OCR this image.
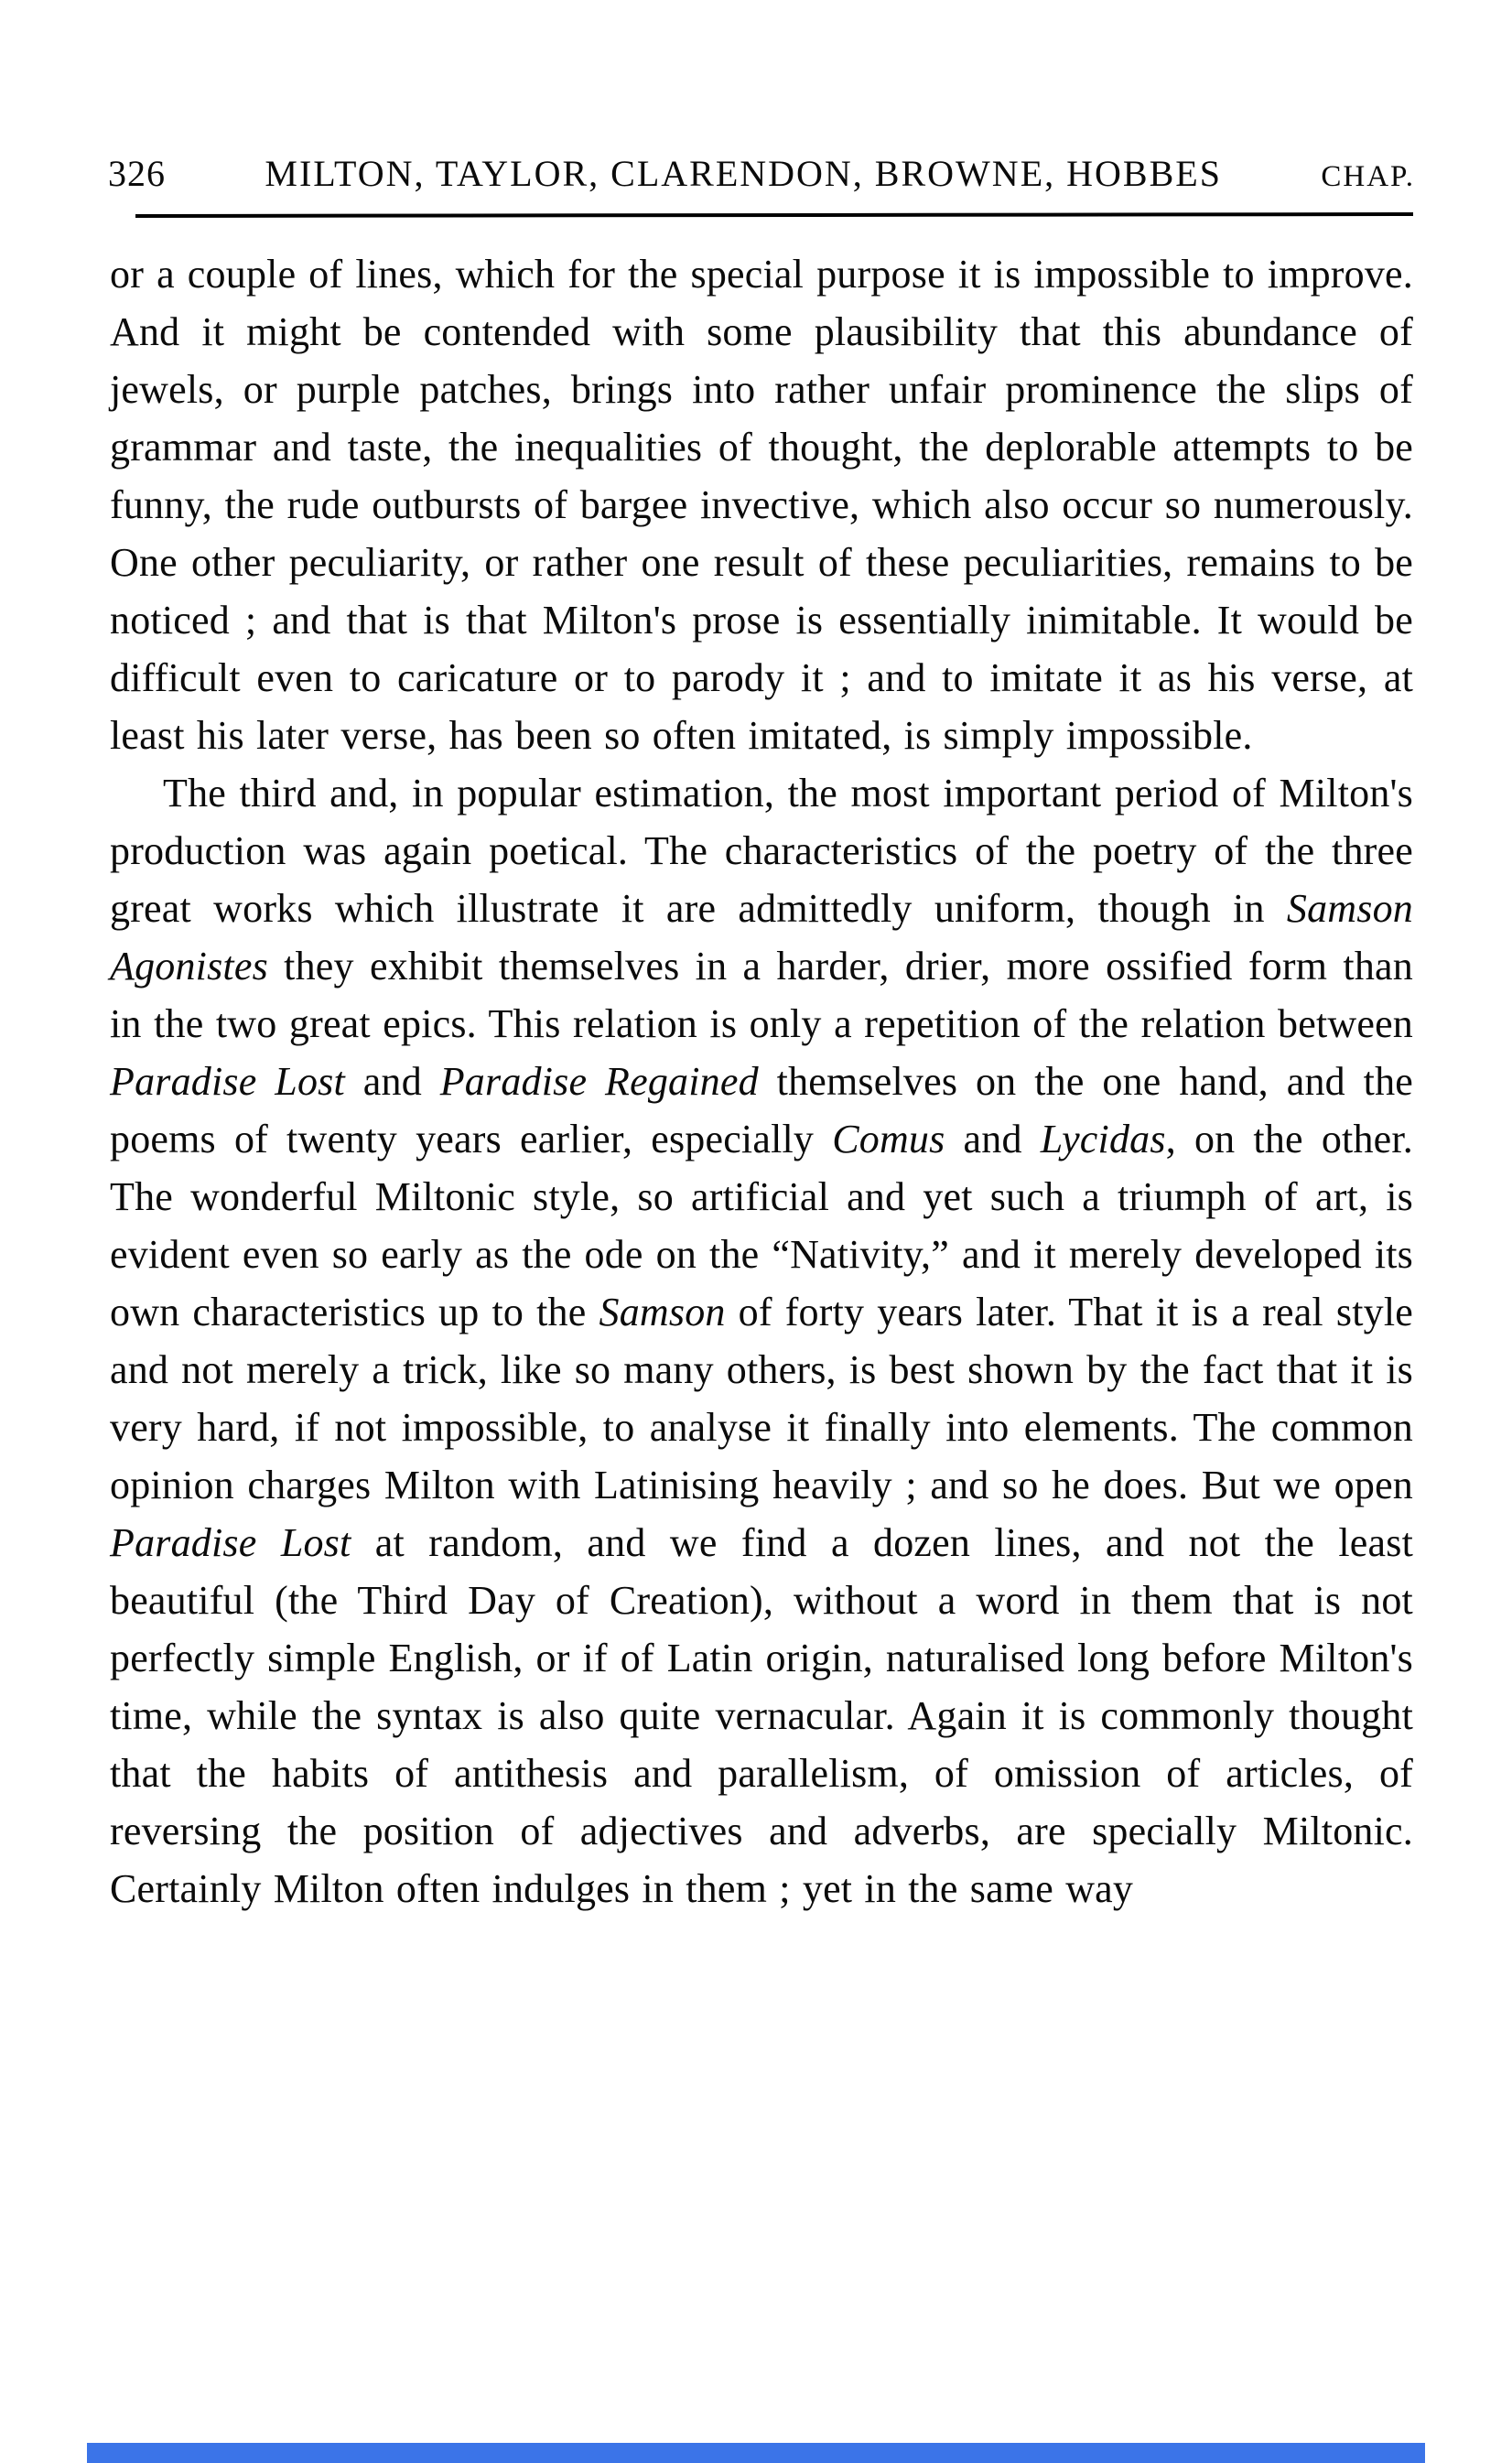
326	MILTON, TAYLOR, CLARENDON, BROWNE, HOBBES	CHAP.

or a couple of lines, which for the special purpose it is impossible to improve. And it might be contended with some plausibility that this abundance of jewels, or purple patches, brings into rather unfair prominence the slips of grammar and taste, the inequalities of thought, the deplorable attempts to be funny, the rude outbursts of bargee invective, which also occur so numerously. One other peculiarity, or rather one result of these peculiarities, remains to be noticed ; and that is that Milton's prose is essentially inimitable. It would be difficult even to caricature or to parody it ; and to imitate it as his verse, at least his later verse, has been so often imitated, is simply impossible.

The third and, in popular estimation, the most important period of Milton's production was again poetical. The characteristics of the poetry of the three great works which illustrate it are admittedly uniform, though in Samson Agonistes they exhibit themselves in a harder, drier, more ossified form than in the two great epics. This relation is only a repetition of the relation between Paradise Lost and Paradise Regained themselves on the one hand, and the poems of twenty years earlier, especially Comus and Lycidas, on the other. The wonderful Miltonic style, so artificial and yet such a triumph of art, is evident even so early as the ode on the “Nativity,” and it merely developed its own characteristics up to the Samson of forty years later. That it is a real style and not merely a trick, like so many others, is best shown by the fact that it is very hard, if not impossible, to analyse it finally into elements. The common opinion charges Milton with Latinising heavily ; and so he does. But we open Paradise Lost at random, and we find a dozen lines, and not the least beautiful (the Third Day of Creation), without a word in them that is not perfectly simple English, or if of Latin origin, naturalised long before Milton's time, while the syntax is also quite vernacular. Again it is commonly thought that the habits of antithesis and parallelism, of omission of articles, of reversing the position of adjectives and adverbs, are specially Miltonic. Certainly Milton often indulges in them ; yet in the same way
